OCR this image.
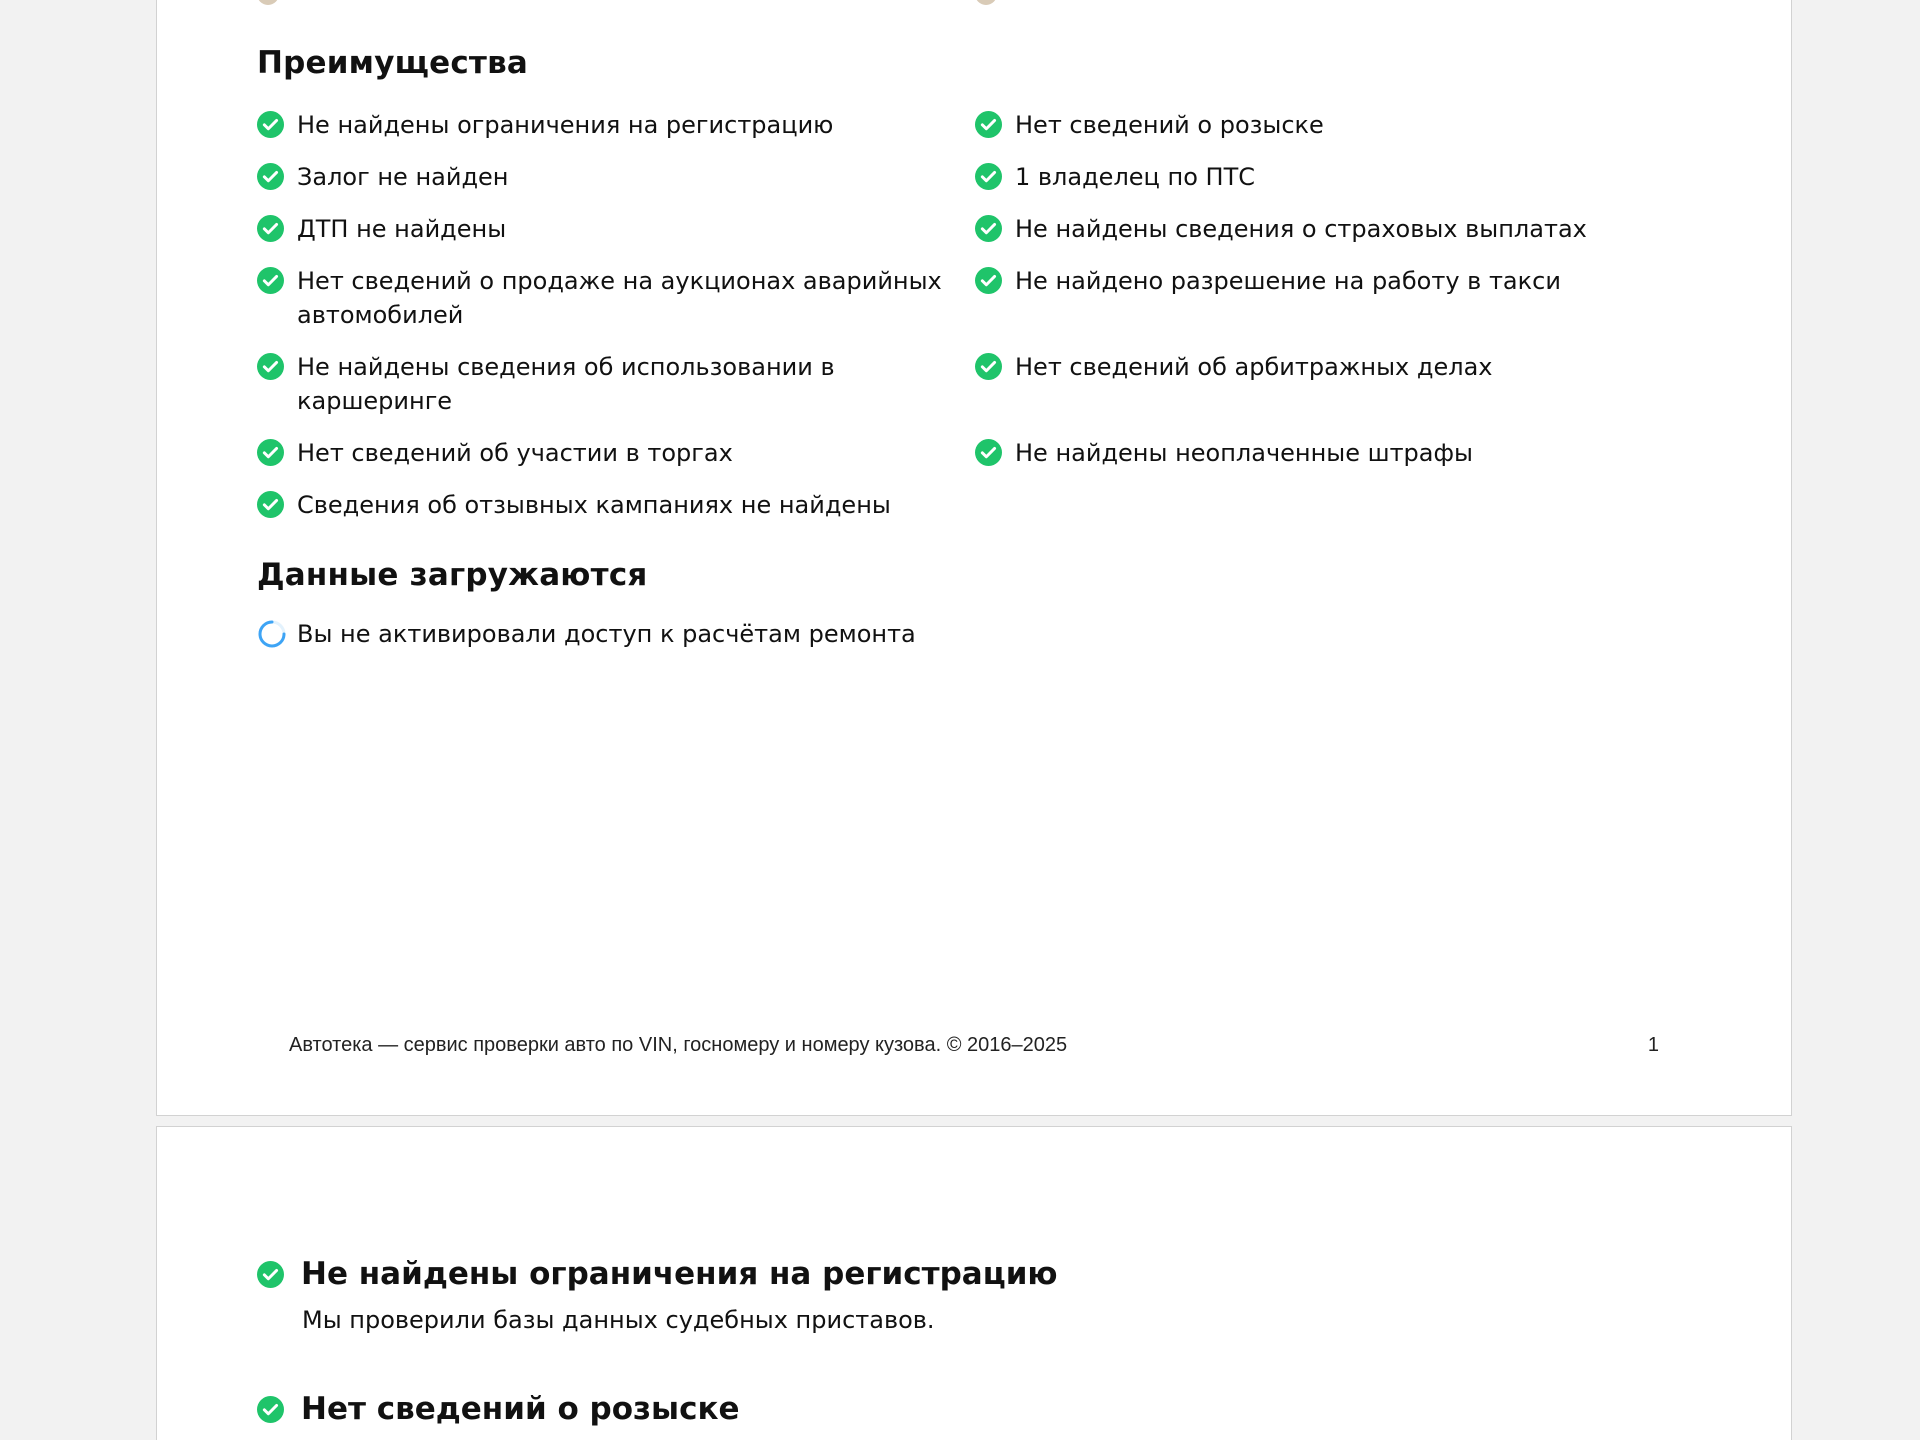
Преимущества
Не найдены ограничения на регистрацию	Нет сведений о розыске
Залог не найден	1 владелец по ПТС
ДТП не найдены	Не найдены сведения о страховых выплатах
Нет сведений о продаже на аукционах аварийных автомобилей
Не найдено разрешение на работу в такси
Не найдены сведения об использовании в каршеринге
Нет сведений об арбитражных делах
Нет сведений об участии в торгах	Не найдены неоплаченные штрафы
Сведения об отзывных кампаниях не найдены
Данные загружаются
Вы не активировали доступ к расчётам ремонта
Автотека — сервис проверки авто по VIN, госномеру и номеру кузова. © 2016–2025	1
Не найдены ограничения на регистрацию
Мы проверили базы данных судебных приставов.
Нет сведений о розыске
